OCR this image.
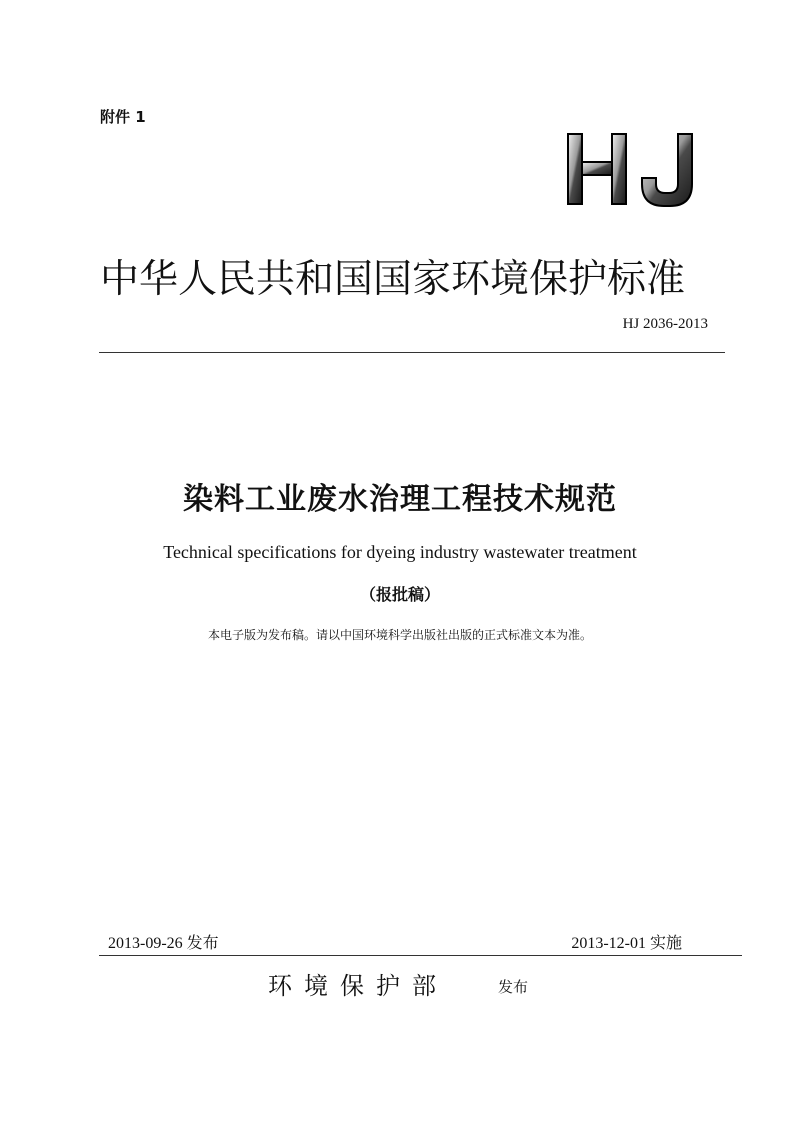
附件 1
中华人民共和国国家环境保护标准
HJ 2036-2013
染料工业废水治理工程技术规范
Technical specifications for dyeing industry wastewater treatment
（报批稿）
本电子版为发布稿。请以中国环境科学出版社出版的正式标准文本为准。
2013-09-26 发布	2013-12-01 实施
环境保护部	发布
